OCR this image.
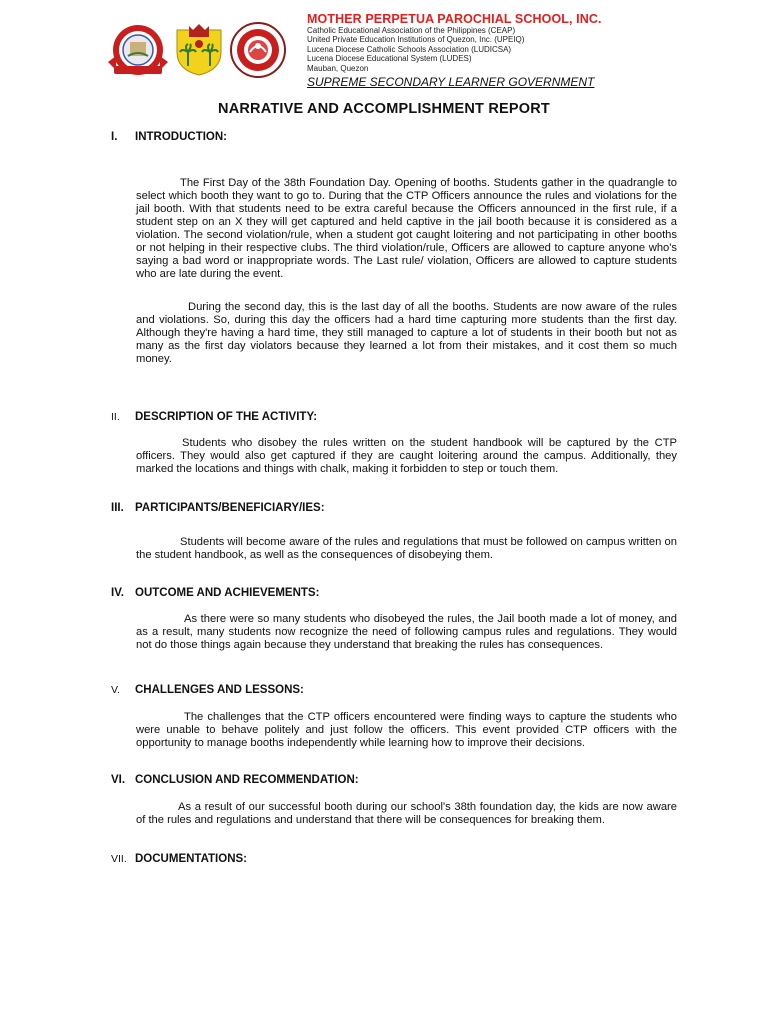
MOTHER PERPETUA PAROCHIAL SCHOOL, INC.
Catholic Educational Association of the Philippines (CEAP)
United Private Education Institutions of Quezon, Inc. (UPEIQ)
Lucena Diocese Catholic Schools Association (LUDICSA)
Lucena Diocese Educational System (LUDES)
Mauban, Quezon
SUPREME SECONDARY LEARNER GOVERNMENT
NARRATIVE AND ACCOMPLISHMENT REPORT
I. INTRODUCTION:
The First Day of the 38th Foundation Day. Opening of booths. Students gather in the quadrangle to select which booth they want to go to. During that the CTP Officers announce the rules and violations for the jail booth. With that students need to be extra careful because the Officers announced in the first rule, if a student step on an X they will get captured and held captive in the jail booth because it is considered as a violation. The second violation/rule, when a student got caught loitering and not participating in other booths or not helping in their respective clubs. The third violation/rule, Officers are allowed to capture anyone who's saying a bad word or inappropriate words. The Last rule/ violation, Officers are allowed to capture students who are late during the event.
During the second day, this is the last day of all the booths. Students are now aware of the rules and violations. So, during this day the officers had a hard time capturing more students than the first day. Although they're having a hard time, they still managed to capture a lot of students in their booth but not as many as the first day violators because they learned a lot from their mistakes, and it cost them so much money.
II. DESCRIPTION OF THE ACTIVITY:
Students who disobey the rules written on the student handbook will be captured by the CTP officers. They would also get captured if they are caught loitering around the campus. Additionally, they marked the locations and things with chalk, making it forbidden to step or touch them.
III. PARTICIPANTS/BENEFICIARY/IES:
Students will become aware of the rules and regulations that must be followed on campus written on the student handbook, as well as the consequences of disobeying them.
IV. OUTCOME AND ACHIEVEMENTS:
As there were so many students who disobeyed the rules, the Jail booth made a lot of money, and as a result, many students now recognize the need of following campus rules and regulations. They would not do those things again because they understand that breaking the rules has consequences.
V. CHALLENGES AND LESSONS:
The challenges that the CTP officers encountered were finding ways to capture the students who were unable to behave politely and just follow the officers. This event provided CTP officers with the opportunity to manage booths independently while learning how to improve their decisions.
VI. CONCLUSION AND RECOMMENDATION:
As a result of our successful booth during our school's 38th foundation day, the kids are now aware of the rules and regulations and understand that there will be consequences for breaking them.
VII. DOCUMENTATIONS:
